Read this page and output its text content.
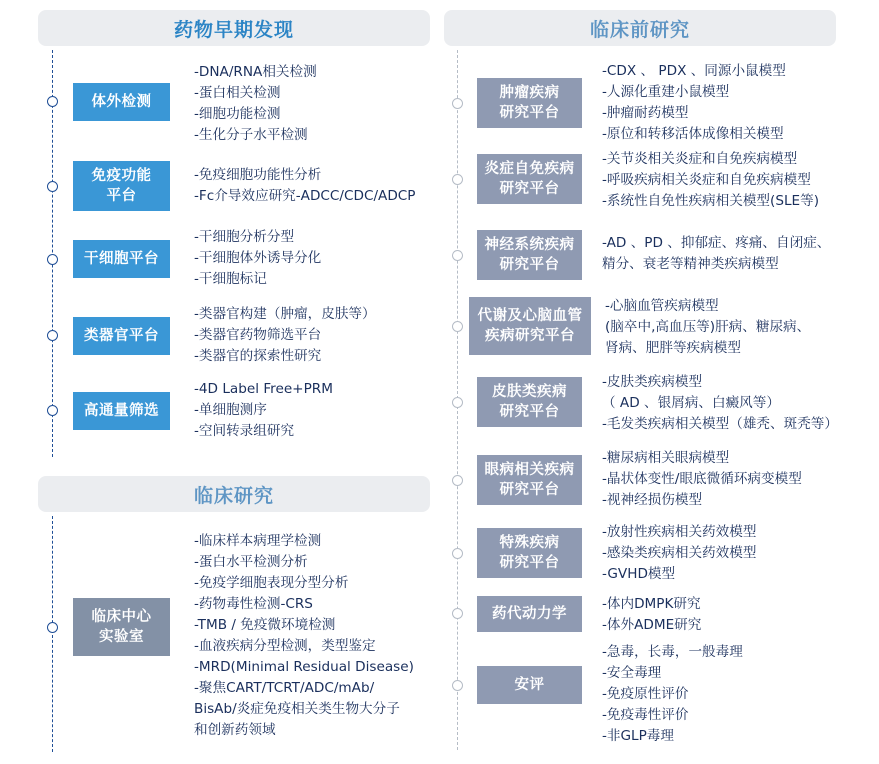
药物早期发现
体外检测
-DNA/RNA相关检测
-蛋白相关检测
-细胞功能检测
-生化分子水平检测
免疫功能
平台
-免疫细胞功能性分析
-Fc介导效应研究-ADCC/CDC/ADCP
干细胞平台
-干细胞分析分型
-干细胞体外诱导分化
-干细胞标记
类器官平台
-类器官构建（肿瘤，皮肤等）
-类器官药物筛选平台
-类器官的探索性研究
高通量筛选
-4D Label Free+PRM
-单细胞测序
-空间转录组研究
临床研究
临床中心
实验室
-临床样本病理学检测
-蛋白水平检测分析
-免疫学细胞表现分型分析
-药物毒性检测-CRS
-TMB / 免疫微环境检测
-血液疾病分型检测，类型鉴定
-MRD(Minimal Residual Disease)
-聚焦CART/TCRT/ADC/mAb/
BisAb/炎症免疫相关类生物大分子
和创新药领域
临床前研究
肿瘤疾病
研究平台
-CDX 、 PDX 、同源小鼠模型
-人源化重建小鼠模型
-肿瘤耐药模型
-原位和转移活体成像相关模型
炎症自免疾病
研究平台
-关节炎相关炎症和自免疾病模型
-呼吸疾病相关炎症和自免疾病模型
-系统性自免性疾病相关模型(SLE等)
神经系统疾病
研究平台
-AD 、PD 、抑郁症、疼痛、自闭症、
精分、衰老等精神类疾病模型
代谢及心脑血管
疾病研究平台
-心脑血管疾病模型
(脑卒中,高血压等)肝病、糖尿病、
肾病、肥胖等疾病模型
皮肤类疾病
研究平台
-皮肤类疾病模型
（ AD 、银屑病、白癜风等）
-毛发类疾病相关模型（雄秃、斑秃等）
眼病相关疾病
研究平台
-糖尿病相关眼病模型
-晶状体变性/眼底微循环病变模型
-视神经损伤模型
特殊疾病
研究平台
-放射性疾病相关药效模型
-感染类疾病相关药效模型
-GVHD模型
药代动力学
-体内DMPK研究
-体外ADME研究
安评
-急毒，长毒，一般毒理
-安全毒理
-免疫原性评价
-免疫毒性评价
-非GLP毒理
